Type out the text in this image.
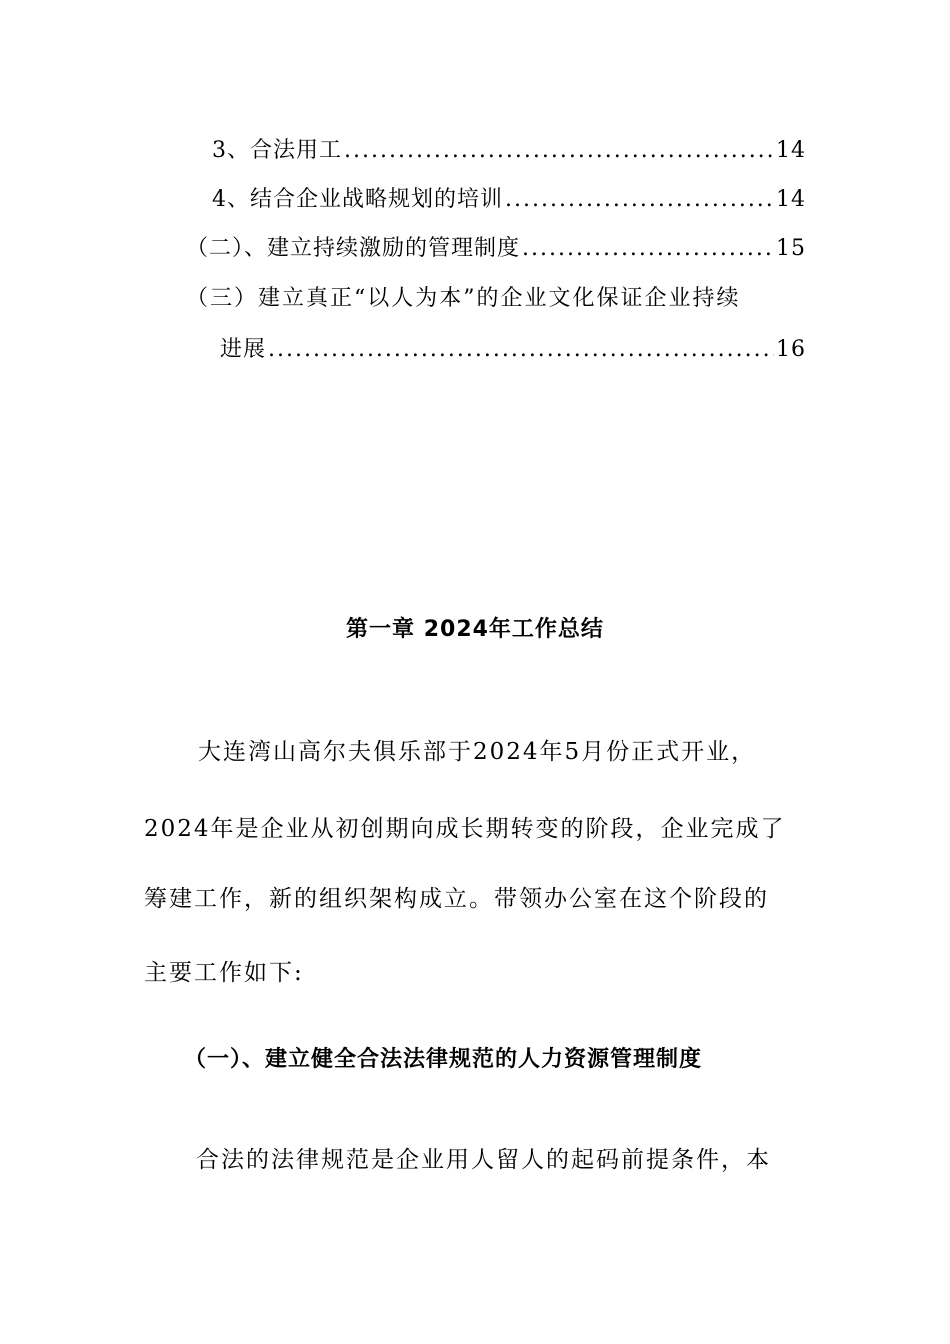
3、合法用工 .....	14
4、结合企业战略规划的培训 .....	14
（二）、建立持续激励的管理制度 .....	15
（三）建立真正“以人为本”的企业文化保证企业持续
进展 .....	16
第一章 2024年工作总结
大连湾山高尔夫俱乐部于2024年5月份正式开业，
2024年是企业从初创期向成长期转变的阶段，企业完成了
筹建工作，新的组织架构成立。带领办公室在这个阶段的
主要工作如下:
（一）、建立健全合法法律规范的人力资源管理制度
合法的法律规范是企业用人留人的起码前提条件，本
